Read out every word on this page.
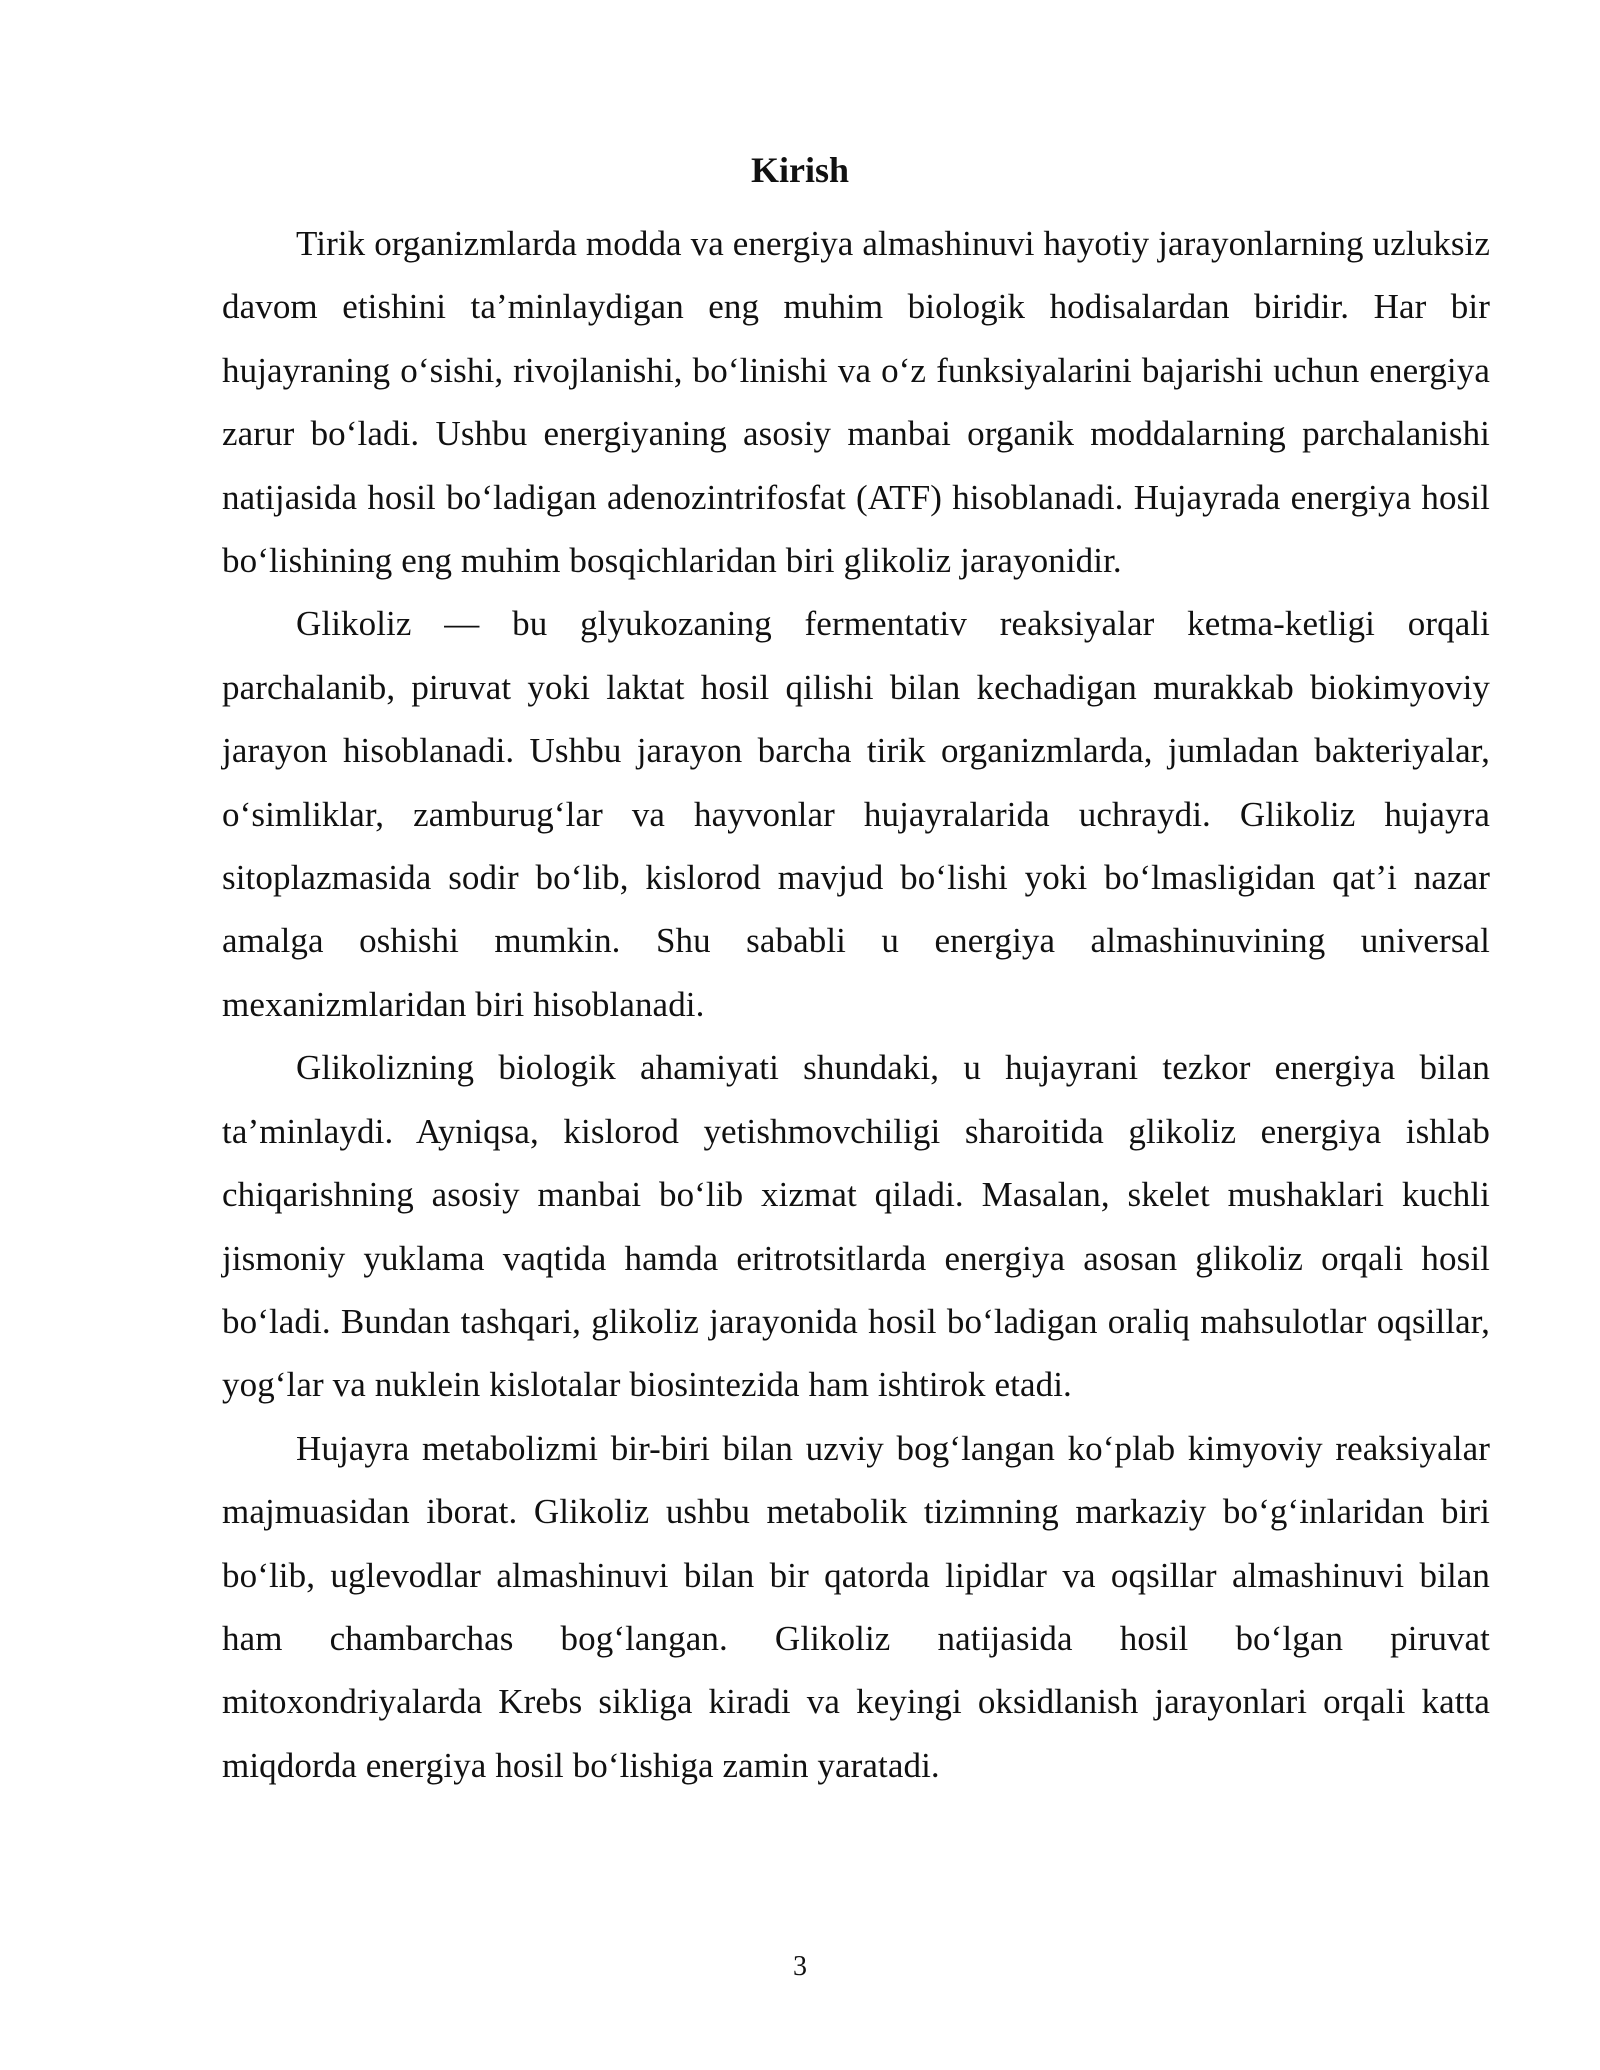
Kirish

Tirik organizmlarda modda va energiya almashinuvi hayotiy jarayonlarning uzluksiz davom etishini ta’minlaydigan eng muhim biologik hodisalardan biridir. Har bir hujayraning o‘sishi, rivojlanishi, bo‘linishi va o‘z funksiyalarini bajarishi uchun energiya zarur bo‘ladi. Ushbu energiyaning asosiy manbai organik moddalarning parchalanishi natijasida hosil bo‘ladigan adenozintrifosfat (ATF) hisoblanadi. Hujayrada energiya hosil bo‘lishining eng muhim bosqichlaridan biri glikoliz jarayonidir.

Glikoliz — bu glyukozaning fermentativ reaksiyalar ketma-ketligi orqali parchalanib, piruvat yoki laktat hosil qilishi bilan kechadigan murakkab biokimyoviy jarayon hisoblanadi. Ushbu jarayon barcha tirik organizmlarda, jumladan bakteriyalar, o‘simliklar, zamburug‘lar va hayvonlar hujayralarida uchraydi. Glikoliz hujayra sitoplazmasida sodir bo‘lib, kislorod mavjud bo‘lishi yoki bo‘lmasligidan qat’i nazar amalga oshishi mumkin. Shu sababli u energiya almashinuvining universal mexanizmlaridan biri hisoblanadi.

Glikolizning biologik ahamiyati shundaki, u hujayrani tezkor energiya bilan ta’minlaydi. Ayniqsa, kislorod yetishmovchiligi sharoitida glikoliz energiya ishlab chiqarishning asosiy manbai bo‘lib xizmat qiladi. Masalan, skelet mushaklari kuchli jismoniy yuklama vaqtida hamda eritrotsitlarda energiya asosan glikoliz orqali hosil bo‘ladi. Bundan tashqari, glikoliz jarayonida hosil bo‘ladigan oraliq mahsulotlar oqsillar, yog‘lar va nuklein kislotalar biosintezida ham ishtirok etadi.

Hujayra metabolizmi bir-biri bilan uzviy bog‘langan ko‘plab kimyoviy reaksiyalar majmuasidan iborat. Glikoliz ushbu metabolik tizimning markaziy bo‘g‘inlaridan biri bo‘lib, uglevodlar almashinuvi bilan bir qatorda lipidlar va oqsillar almashinuvi bilan ham chambarchas bog‘langan. Glikoliz natijasida hosil bo‘lgan piruvat mitoxondriyalarda Krebs sikliga kiradi va keyingi oksidlanish jarayonlari orqali katta miqdorda energiya hosil bo‘lishiga zamin yaratadi.

3
